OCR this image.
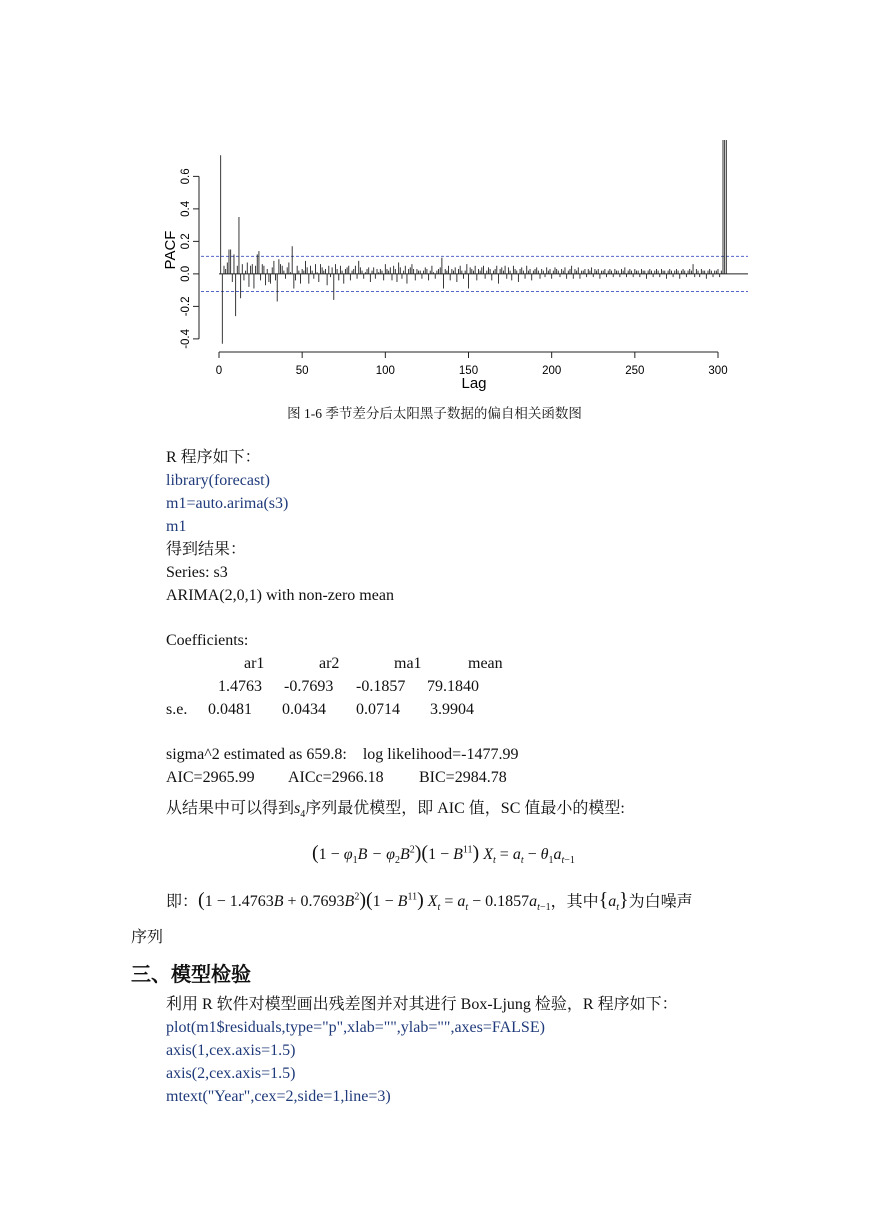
0	50	100	150	200	250	300
-0.4
-0.2
0.0
0.2
0.4
0.6
PACF
Lag
图 1-6 季节差分后太阳黑子数据的偏自相关函数图
R 程序如下：
library(forecast)
m1=auto.arima(s3)
m1
得到结果：
Series: s3
ARIMA(2,0,1) with non-zero mean
Coefficients:
ar1	ar2	ma1	mean
1.4763 -0.7693 -0.1857 79.1840
s.e. 0.0481 0.0434 0.0714 3.9904
sigma^2 estimated as 659.8:    log likelihood=-1477.99
AIC=2965.99 AICc=2966.18 BIC=2984.78
从结果中可以得到$s_4$序列最优模型，即 AIC 值，SC 值最小的模型:
$(1 - \varphi_1B - \varphi_2B^2)(1 - B^{11})$ $X_t = a_t - \theta_1a_{t-1}$
即：$(1 - 1.4763B + 0.7693B^2)(1 - B^{11})$ $X_t = a_t - 0.1857a_{t-1}$，其中$\{a_t\}$为白噪声
序列
三、模型检验
利用 R 软件对模型画出残差图并对其进行 Box-Ljung 检验，R 程序如下：
plot(m1$residuals,type="p",xlab="",ylab="",axes=FALSE)
axis(1,cex.axis=1.5)
axis(2,cex.axis=1.5)
mtext("Year",cex=2,side=1,line=3)
